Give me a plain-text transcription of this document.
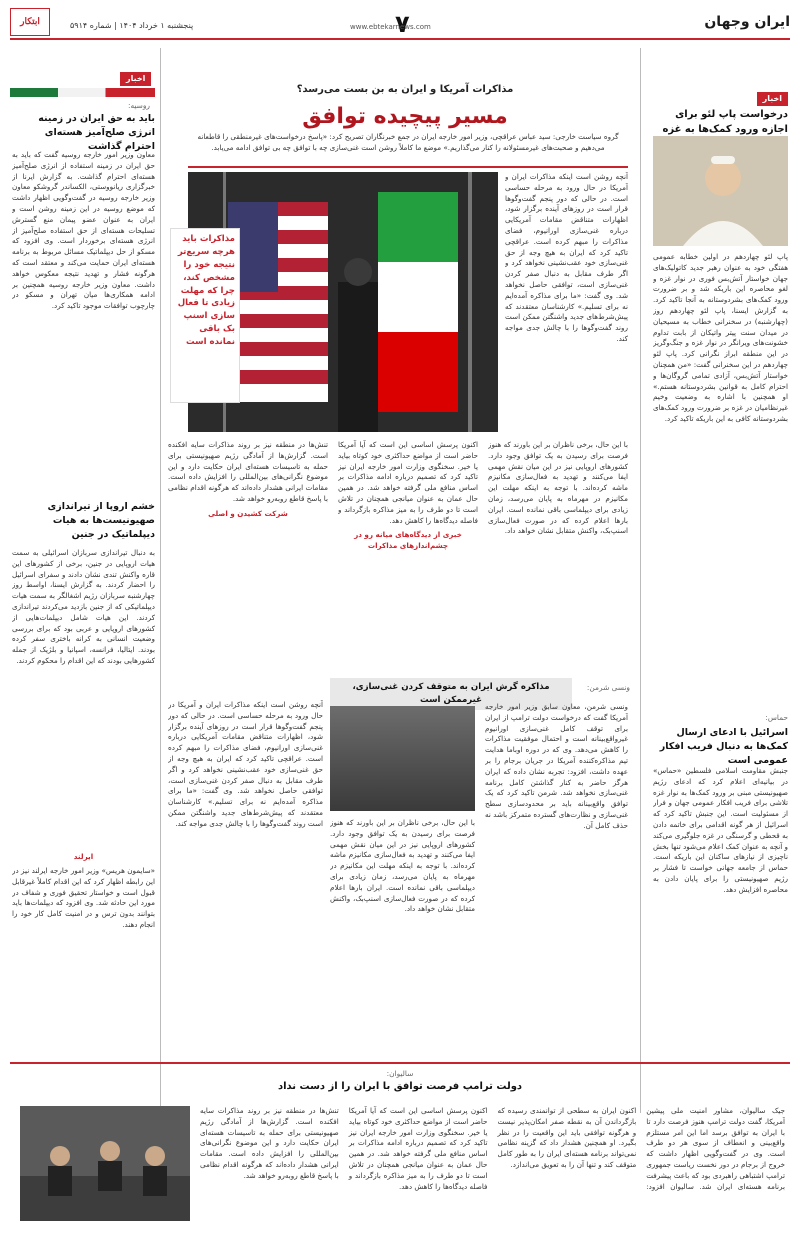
ایران وجهان
۷
www.ebtekarnews.com
پنجشنبه ۱ خرداد ۱۴۰۴ | شماره ۵۹۱۴
ابتکار
اخبار
درخواست پاپ لئو برای اجازه ورود کمک‌ها به غزه

پاپ لئو چهاردهم در اولین خطابه عمومی هفتگی خود به عنوان رهبر جدید کاتولیک‌های جهان خواستار آتش‌بس فوری در نوار غزه و لغو محاصره این باریکه شد و بر ضرورت ورود کمک‌های بشردوستانه به آنجا تاکید کرد. به گزارش ایسنا، پاپ لئو چهاردهم روز (چهارشنبه) در سخنرانی خطاب به مسیحیان در میدان سنت پیتر واتیکان از بابت تداوم خشونت‌های ویرانگر در نوار غزه و جنگ‌وگریز در این منطقه ابراز نگرانی کرد. پاپ لئو چهاردهم در این سخنرانی گفت: «من همچنان خواستار آتش‌بس، آزادی تمامی گروگان‌ها و احترام کامل به قوانین بشردوستانه هستم.» او همچنین با اشاره به وضعیت وخیم غیرنظامیان در غزه بر ضرورت ورود کمک‌های بشردوستانه کافی به این باریکه تاکید کرد.

حماس:
اسرائیل با ادعای ارسال کمک‌ها به دنبال فریب افکار عمومی است

جنبش مقاومت اسلامی فلسطین «حماس» در بیانیه‌ای اعلام کرد که ادعای رژیم صهیونیستی مبنی بر ورود کمک‌ها به نوار غزه تلاشی برای فریب افکار عمومی جهان و فرار از مسئولیت است. این جنبش تاکید کرد که اسرائیل از هر گونه اقدامی برای خاتمه دادن به قحطی و گرسنگی در غزه جلوگیری می‌کند و آنچه به عنوان کمک اعلام می‌شود تنها بخش ناچیزی از نیازهای ساکنان این باریکه است. حماس از جامعه جهانی خواست تا فشار بر رژیم صهیونیستی را برای پایان دادن به محاصره افزایش دهد.

اخبار
روسیه:
باید به حق ایران در زمینه انرژی صلح‌آمیز هسته‌ای احترام گذاشت

معاون وزیر امور خارجه روسیه گفت که باید به حق ایران در زمینه استفاده از انرژی صلح‌آمیز هسته‌ای احترام گذاشت. به گزارش ایرنا از خبرگزاری ریانووستی، الکساندر گروشکو معاون وزیر خارجه روسیه در گفت‌وگویی اظهار داشت که موضع روسیه در این زمینه روشن است و ایران به عنوان عضو پیمان منع گسترش تسلیحات هسته‌ای از حق استفاده صلح‌آمیز از انرژی هسته‌ای برخوردار است. وی افزود که مسکو از حل دیپلماتیک مسائل مربوط به برنامه هسته‌ای ایران حمایت می‌کند و معتقد است که هرگونه فشار و تهدید نتیجه معکوس خواهد داشت. معاون وزیر خارجه روسیه همچنین بر ادامه همکاری‌ها میان تهران و مسکو در چارچوب توافقات موجود تاکید کرد.

خشم اروپا از تیراندازی صهیونیست‌ها به هیات دیپلماتیک در جنین

به دنبال تیراندازی سربازان اسرائیلی به سمت هیات اروپایی در جنین، برخی از کشورهای این قاره واکنش تندی نشان دادند و سفرای اسرائیل را احضار کردند. به گزارش ایسنا، اواسط روز چهارشنبه سربازان رژیم اشغالگر به سمت هیات دیپلماتیکی که از جنین بازدید می‌کردند تیراندازی کردند. این هیات شامل دیپلمات‌هایی از کشورهای اروپایی و عربی بود که برای بررسی وضعیت انسانی به کرانه باختری سفر کرده بودند. ایتالیا، فرانسه، اسپانیا و بلژیک از جمله کشورهایی بودند که این اقدام را محکوم کردند.

ایرلند

«سایمون هریس» وزیر امور خارجه ایرلند نیز در این رابطه اظهار کرد که این اقدام کاملاً غیرقابل قبول است و خواستار تحقیق فوری و شفاف در مورد این حادثه شد. وی افزود که دیپلمات‌ها باید بتوانند بدون ترس و در امنیت کامل کار خود را انجام دهند.

مذاکرات آمریکا و ایران به بن بست می‌رسد؟
مسیر پیچیده توافق
گروه سیاست خارجی: سید عباس عراقچی، وزیر امور خارجه ایران در جمع خبرنگاران تصریح کرد: «پاسخ درخواست‌های غیرمنطقی را قاطعانه می‌دهیم و صحبت‌های غیرمسئولانه را کنار می‌گذاریم.» موضع ما کاملاً روشن است غنی‌سازی چه با توافق چه بی توافق ادامه می‌یابد.
مذاکرات باید هرچه سریع‌تر نتیجه خود را مشخص کند، چرا که مهلت زیادی تا فعال سازی اسنپ بک باقی نمانده است

آنچه روشن است اینکه مذاکرات ایران و آمریکا در حال ورود به مرحله حساسی است. در حالی که دور پنجم گفت‌وگوها قرار است در روزهای آینده برگزار شود، اظهارات متناقض مقامات آمریکایی درباره غنی‌سازی اورانیوم، فضای مذاکرات را مبهم کرده است. عراقچی تاکید کرد که ایران به هیچ وجه از حق غنی‌سازی خود عقب‌نشینی نخواهد کرد و اگر طرف مقابل به دنبال صفر کردن غنی‌سازی است، توافقی حاصل نخواهد شد. وی گفت: «ما برای مذاکره آمده‌ایم نه برای تسلیم.» کارشناسان معتقدند که پیش‌شرط‌های جدید واشنگتن ممکن است روند گفت‌وگوها را با چالش جدی مواجه کند.

با این حال، برخی ناظران بر این باورند که هنوز فرصت برای رسیدن به یک توافق وجود دارد. کشورهای اروپایی نیز در این میان نقش مهمی ایفا می‌کنند و تهدید به فعال‌سازی مکانیزم ماشه کرده‌اند. با توجه به اینکه مهلت این مکانیزم در مهرماه به پایان می‌رسد، زمان زیادی برای دیپلماسی باقی نمانده است. ایران بارها اعلام کرده که در صورت فعال‌سازی اسنپ‌بک، واکنش متقابل نشان خواهد داد.

اکنون پرسش اساسی این است که آیا آمریکا حاضر است از مواضع حداکثری خود کوتاه بیاید یا خیر. سخنگوی وزارت امور خارجه ایران نیز تاکید کرد که تصمیم درباره ادامه مذاکرات بر اساس منافع ملی گرفته خواهد شد. در همین حال عمان به عنوان میانجی همچنان در تلاش است تا دو طرف را به میز مذاکره بازگرداند و فاصله دیدگاه‌ها را کاهش دهد.

خبری از دیدگاه‌های میانه رو در چشم‌اندازهای مذاکرات

تنش‌ها در منطقه نیز بر روند مذاکرات سایه افکنده است. گزارش‌ها از آمادگی رژیم صهیونیستی برای حمله به تاسیسات هسته‌ای ایران حکایت دارد و این موضوع نگرانی‌های بین‌المللی را افزایش داده است. مقامات ایرانی هشدار داده‌اند که هرگونه اقدام نظامی با پاسخ قاطع روبه‌رو خواهد شد.

شرکت کشیدن و اصلی

ونسی شرمن:
مذاکره گرش ایران به متوقف کردن غنی‌سازی، غیرممکن است

ونسی شرمن، معاون سابق وزیر امور خارجه آمریکا گفت که درخواست دولت ترامپ از ایران برای توقف کامل غنی‌سازی اورانیوم غیرواقع‌بینانه است و احتمال موفقیت مذاکرات را کاهش می‌دهد. وی که در دوره اوباما هدایت تیم مذاکره‌کننده آمریکا در جریان برجام را بر عهده داشت، افزود: تجربه نشان داده که ایران هرگز حاضر به کنار گذاشتن کامل برنامه غنی‌سازی نخواهد شد. شرمن تاکید کرد که یک توافق واقع‌بینانه باید بر محدودسازی سطح غنی‌سازی و نظارت‌های گسترده متمرکز باشد نه حذف کامل آن.

با این حال، برخی ناظران بر این باورند که هنوز فرصت برای رسیدن به یک توافق وجود دارد. کشورهای اروپایی نیز در این میان نقش مهمی ایفا می‌کنند و تهدید به فعال‌سازی مکانیزم ماشه کرده‌اند. با توجه به اینکه مهلت این مکانیزم در مهرماه به پایان می‌رسد، زمان زیادی برای دیپلماسی باقی نمانده است. ایران بارها اعلام کرده که در صورت فعال‌سازی اسنپ‌بک، واکنش متقابل نشان خواهد داد.

آنچه روشن است اینکه مذاکرات ایران و آمریکا در حال ورود به مرحله حساسی است. در حالی که دور پنجم گفت‌وگوها قرار است در روزهای آینده برگزار شود، اظهارات متناقض مقامات آمریکایی درباره غنی‌سازی اورانیوم، فضای مذاکرات را مبهم کرده است. عراقچی تاکید کرد که ایران به هیچ وجه از حق غنی‌سازی خود عقب‌نشینی نخواهد کرد و اگر طرف مقابل به دنبال صفر کردن غنی‌سازی است، توافقی حاصل نخواهد شد. وی گفت: «ما برای مذاکره آمده‌ایم نه برای تسلیم.» کارشناسان معتقدند که پیش‌شرط‌های جدید واشنگتن ممکن است روند گفت‌وگوها را با چالش جدی مواجه کند.

سالیوان:
دولت ترامپ فرصت توافق با ایران را از دست نداد

جیک سالیوان، مشاور امنیت ملی پیشین آمریکا، گفت دولت ترامپ هنوز فرصت دارد تا با ایران به توافق برسد اما این امر مستلزم واقع‌بینی و انعطاف از سوی هر دو طرف است. وی در گفت‌وگویی اظهار داشت که خروج از برجام در دور نخست ریاست جمهوری ترامپ اشتباهی راهبردی بود که باعث پیشرفت برنامه هسته‌ای ایران شد. سالیوان افزود: اکنون ایران به سطحی از توانمندی رسیده که بازگرداندن آن به نقطه صفر امکان‌پذیر نیست و هرگونه توافقی باید این واقعیت را در نظر بگیرد. او همچنین هشدار داد که گزینه نظامی نمی‌تواند برنامه هسته‌ای ایران را به طور کامل متوقف کند و تنها آن را به تعویق می‌اندازد.

اکنون پرسش اساسی این است که آیا آمریکا حاضر است از مواضع حداکثری خود کوتاه بیاید یا خیر. سخنگوی وزارت امور خارجه ایران نیز تاکید کرد که تصمیم درباره ادامه مذاکرات بر اساس منافع ملی گرفته خواهد شد. در همین حال عمان به عنوان میانجی همچنان در تلاش است تا دو طرف را به میز مذاکره بازگرداند و فاصله دیدگاه‌ها را کاهش دهد.

تنش‌ها در منطقه نیز بر روند مذاکرات سایه افکنده است. گزارش‌ها از آمادگی رژیم صهیونیستی برای حمله به تاسیسات هسته‌ای ایران حکایت دارد و این موضوع نگرانی‌های بین‌المللی را افزایش داده است. مقامات ایرانی هشدار داده‌اند که هرگونه اقدام نظامی با پاسخ قاطع روبه‌رو خواهد شد.
